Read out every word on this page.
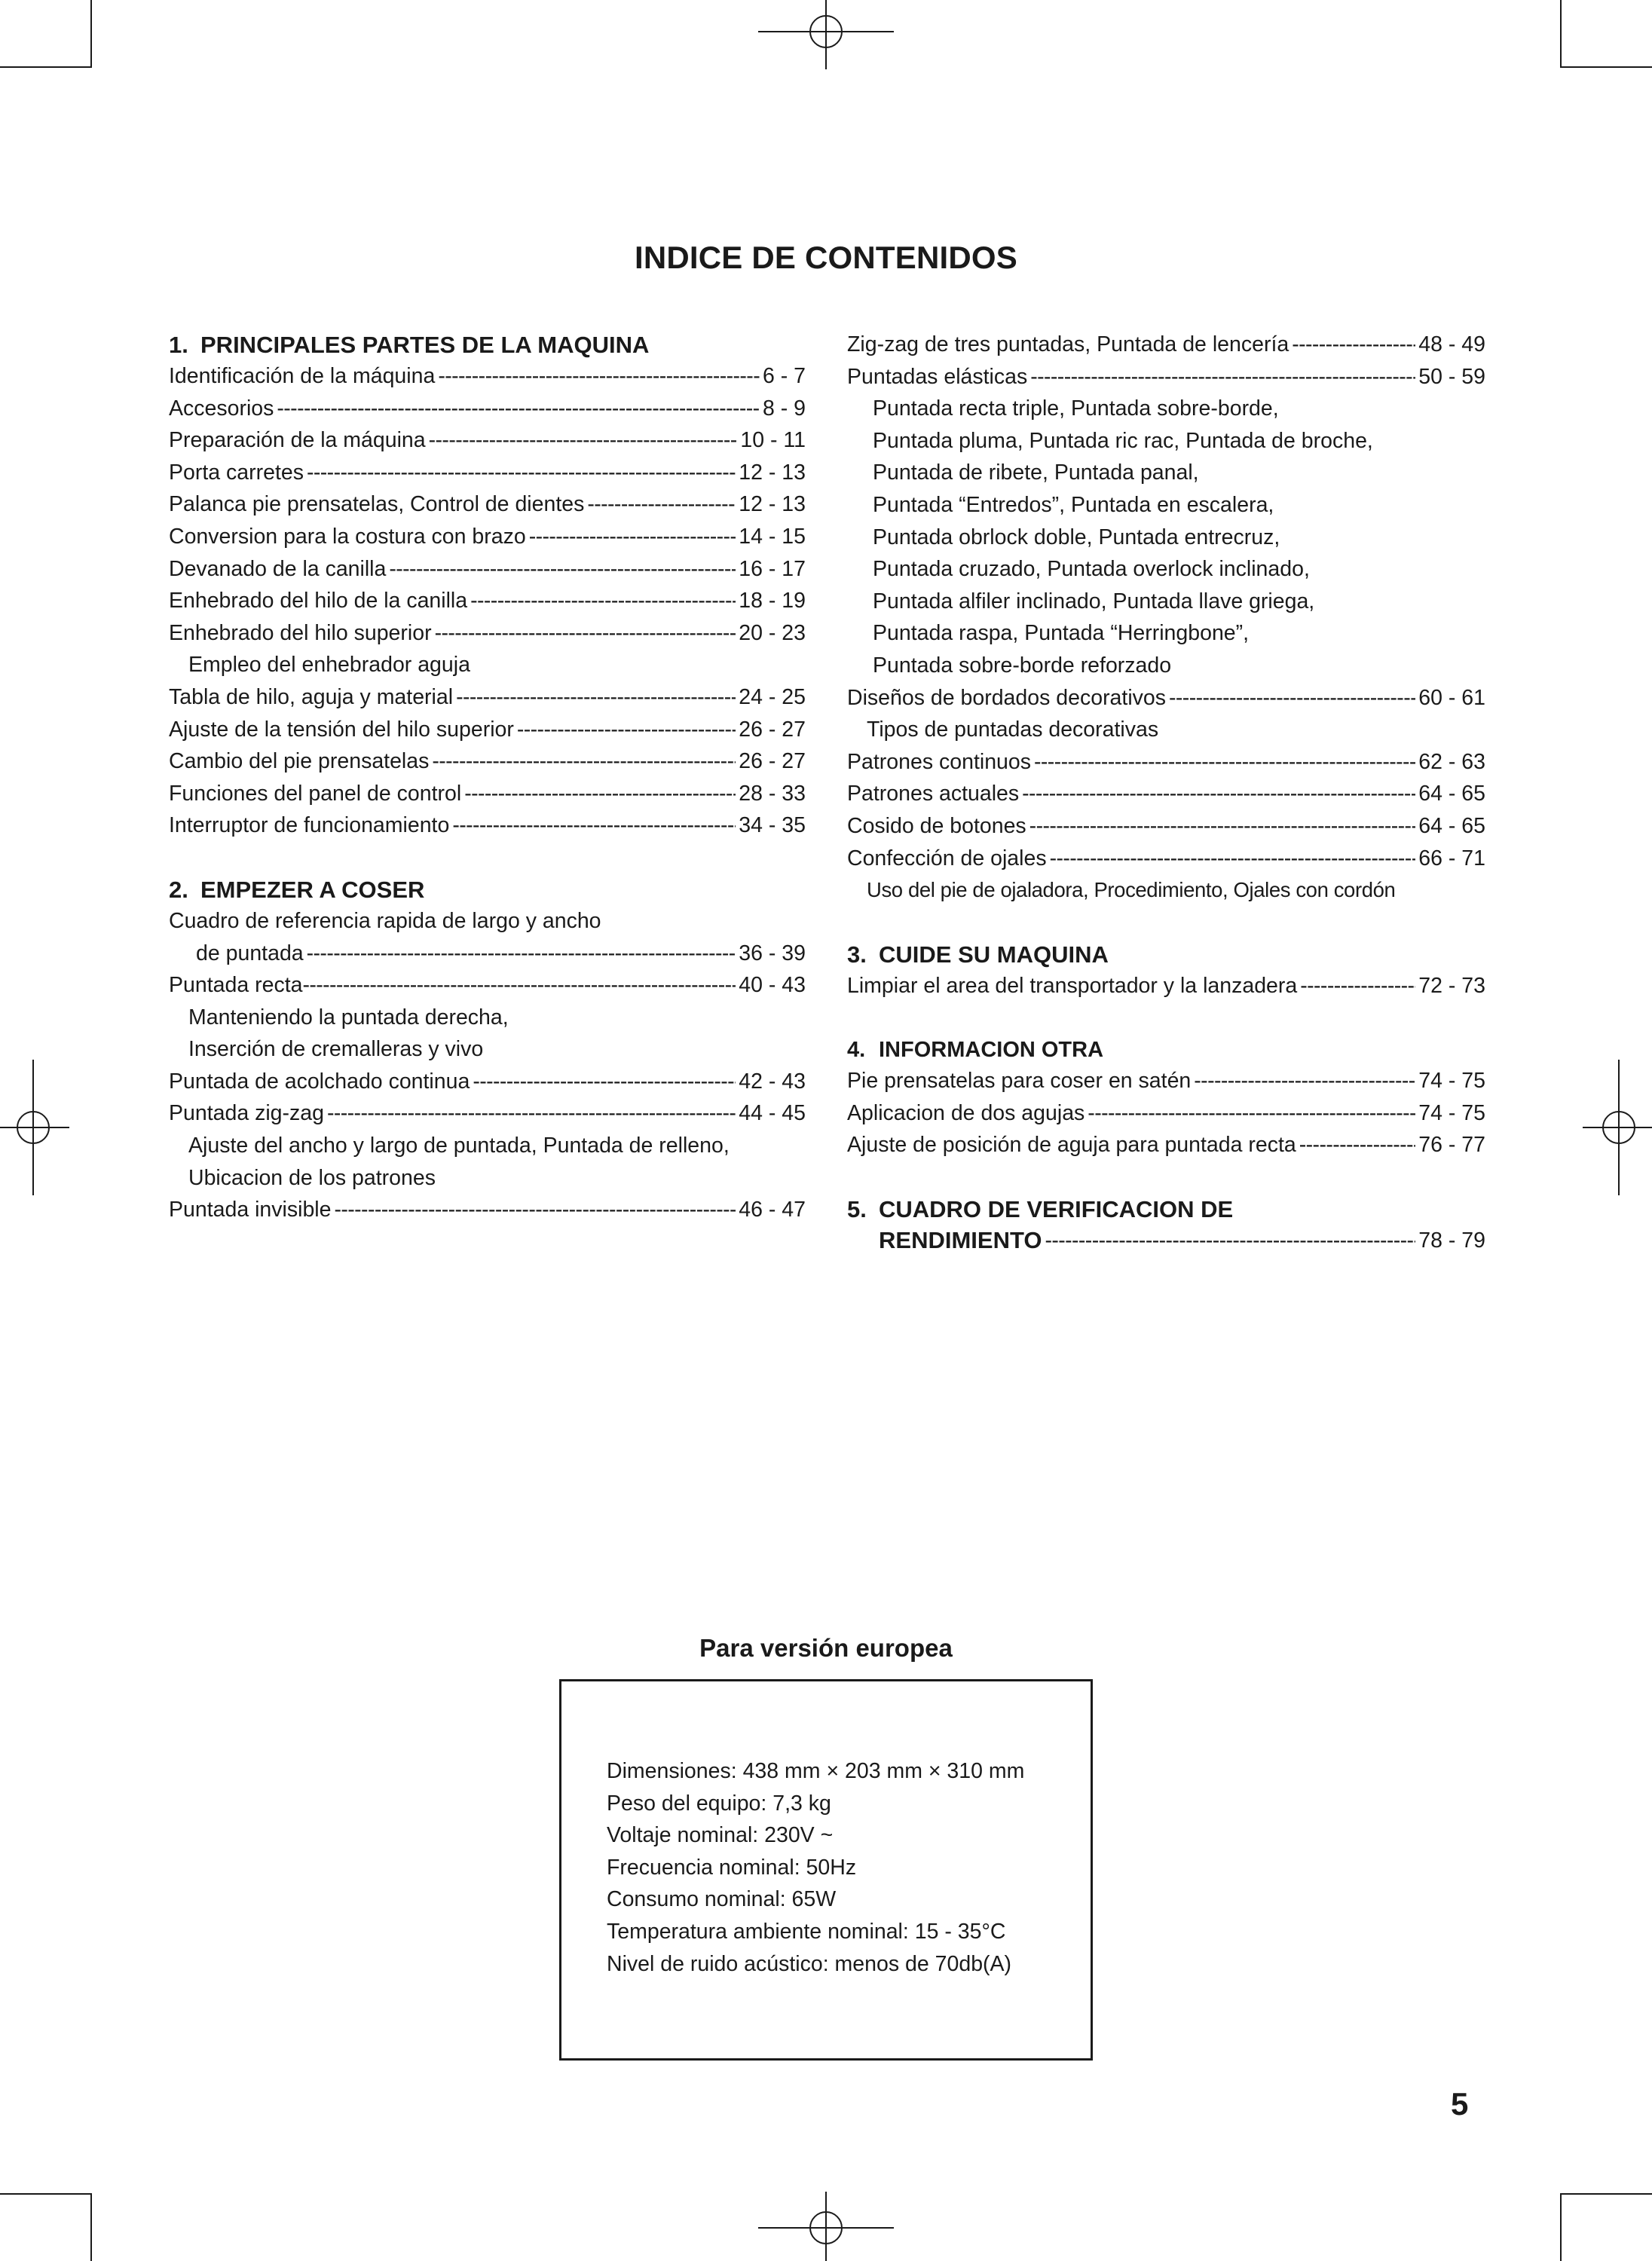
INDICE DE CONTENIDOS
1. PRINCIPALES PARTES DE LA MAQUINA
Identificación de la máquina -----	6 - 7
Accesorios -----	8 - 9
Preparación de la máquina -----	10 - 11
Porta carretes -----	12 - 13
Palanca pie prensatelas, Control de dientes -----	12 - 13
Conversion para la costura con brazo -----	14 - 15
Devanado de la canilla -----	16 - 17
Enhebrado del hilo de la canilla -----	18 - 19
Enhebrado del hilo superior -----	20 - 23
Empleo del enhebrador aguja
Tabla de hilo, aguja y material -----	24 - 25
Ajuste de la tensión del hilo superior -----	26 - 27
Cambio del pie prensatelas -----	26 - 27
Funciones del panel de control -----	28 - 33
Interruptor de funcionamiento -----	34 - 35
2. EMPEZER A COSER
Cuadro de referencia rapida de largo y ancho
de puntada -----	36 - 39
Puntada recta -----	40 - 43
Manteniendo la puntada derecha,
Inserción de cremalleras y vivo
Puntada de acolchado continua -----	42 - 43
Puntada zig-zag -----	44 - 45
Ajuste del ancho y largo de puntada, Puntada de relleno,
Ubicacion de los patrones
Puntada invisible -----	46 - 47
Zig-zag de tres puntadas, Puntada de lencería -----	48 - 49
Puntadas elásticas -----	50 - 59
Puntada recta triple, Puntada sobre-borde,
Puntada pluma, Puntada ric rac, Puntada de broche,
Puntada de ribete, Puntada panal,
Puntada “Entredos”, Puntada en escalera,
Puntada obrlock doble, Puntada entrecruz,
Puntada cruzado, Puntada overlock inclinado,
Puntada alfiler inclinado, Puntada llave griega,
Puntada raspa, Puntada “Herringbone”,
Puntada sobre-borde reforzado
Diseños de bordados decorativos -----	60 - 61
Tipos de puntadas decorativas
Patrones continuos -----	62 - 63
Patrones actuales -----	64 - 65
Cosido de botones -----	64 - 65
Confección de ojales -----	66 - 71
Uso del pie de ojaladora, Procedimiento, Ojales con cordón
3. CUIDE SU MAQUINA
Limpiar el area del transportador y la lanzadera -----	72 - 73
4. INFORMACION OTRA
Pie prensatelas para coser en satén -----	74 - 75
Aplicacion de dos agujas -----	74 - 75
Ajuste de posición de aguja para puntada recta -----	76 - 77
5. CUADRO DE VERIFICACION DE
RENDIMIENTO -----	78 - 79
Para versión europea
Dimensiones: 438 mm × 203 mm × 310 mm
Peso del equipo: 7,3 kg
Voltaje nominal: 230V ~
Frecuencia nominal: 50Hz
Consumo nominal: 65W
Temperatura ambiente nominal: 15 - 35°C
Nivel de ruido acústico: menos de 70db(A)
5
